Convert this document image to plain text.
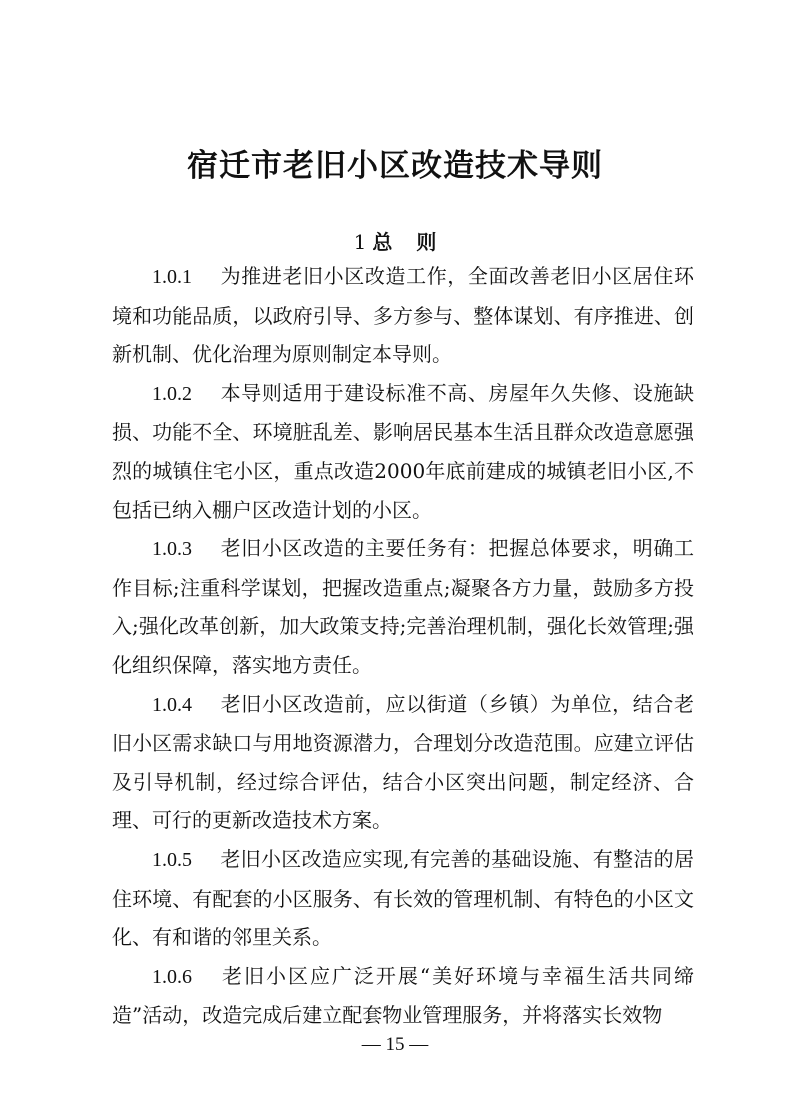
宿迁市老旧小区改造技术导则
1 总 则

1.0.1 为推进老旧小区改造工作，全面改善老旧小区居住环境和功能品质，以政府引导、多方参与、整体谋划、有序推进、创新机制、优化治理为原则制定本导则。

1.0.2 本导则适用于建设标准不高、房屋年久失修、设施缺损、功能不全、环境脏乱差、影响居民基本生活且群众改造意愿强烈的城镇住宅小区，重点改造2000年底前建成的城镇老旧小区,不包括已纳入棚户区改造计划的小区。

1.0.3 老旧小区改造的主要任务有：把握总体要求，明确工作目标;注重科学谋划，把握改造重点;凝聚各方力量，鼓励多方投入;强化改革创新，加大政策支持;完善治理机制，强化长效管理;强化组织保障，落实地方责任。

1.0.4 老旧小区改造前，应以街道（乡镇）为单位，结合老旧小区需求缺口与用地资源潜力，合理划分改造范围。应建立评估及引导机制，经过综合评估，结合小区突出问题，制定经济、合理、可行的更新改造技术方案。

1.0.5 老旧小区改造应实现,有完善的基础设施、有整洁的居住环境、有配套的小区服务、有长效的管理机制、有特色的小区文化、有和谐的邻里关系。

1.0.6 老旧小区应广泛开展“美好环境与幸福生活共同缔造”活动，改造完成后建立配套物业管理服务，并将落实长效物

— 15 —
